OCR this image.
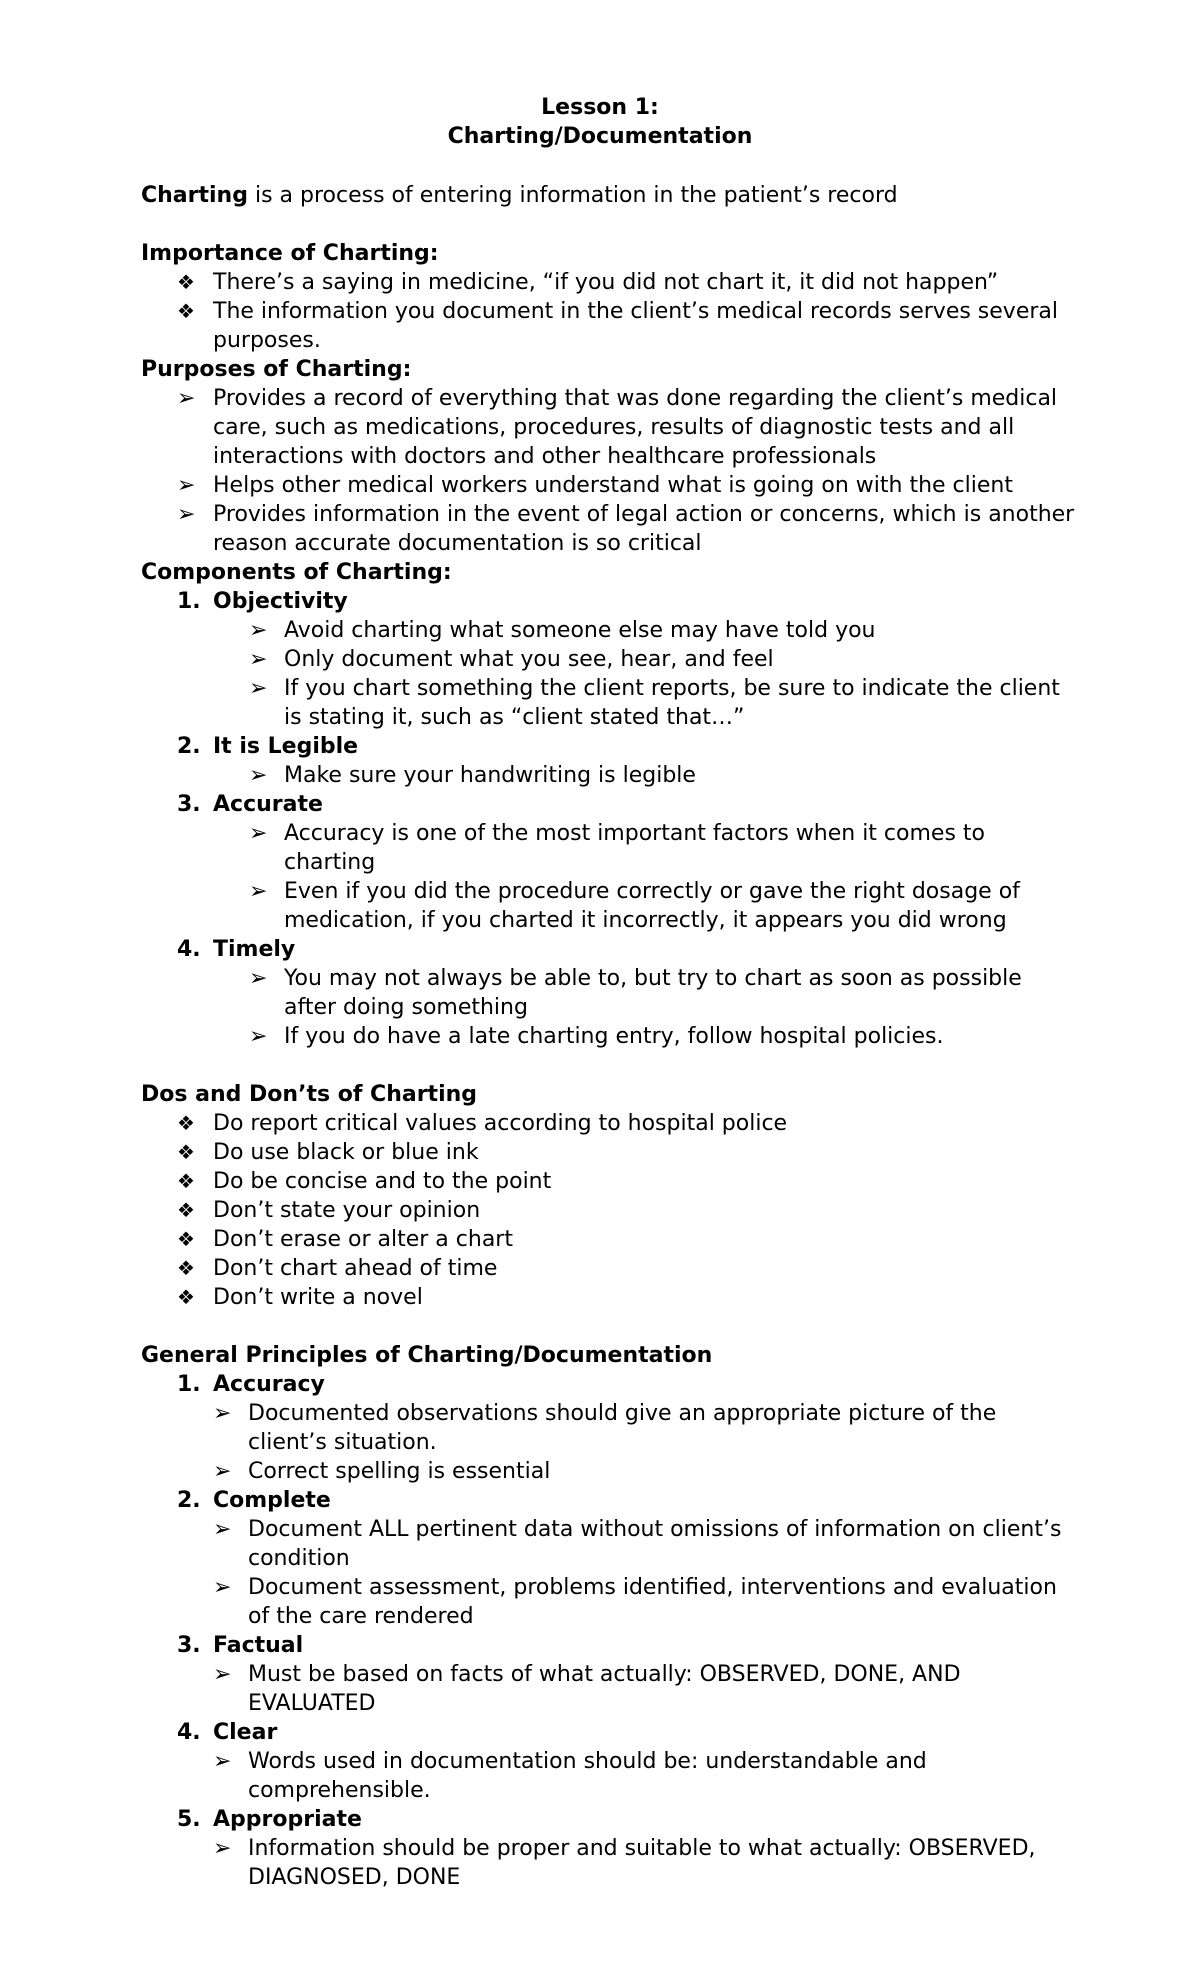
Lesson 1:
Charting/Documentation
Charting is a process of entering information in the patient’s record
Importance of Charting:
❖ There’s a saying in medicine, “if you did not chart it, it did not happen”
❖ The information you document in the client’s medical records serves several
purposes.
Purposes of Charting:
➢ Provides a record of everything that was done regarding the client’s medical
care, such as medications, procedures, results of diagnostic tests and all
interactions with doctors and other healthcare professionals
➢ Helps other medical workers understand what is going on with the client
➢ Provides information in the event of legal action or concerns, which is another
reason accurate documentation is so critical
Components of Charting:
1. Objectivity
➢ Avoid charting what someone else may have told you
➢ Only document what you see, hear, and feel
➢ If you chart something the client reports, be sure to indicate the client
is stating it, such as “client stated that…”
2. It is Legible
➢ Make sure your handwriting is legible
3. Accurate
➢ Accuracy is one of the most important factors when it comes to
charting
➢ Even if you did the procedure correctly or gave the right dosage of
medication, if you charted it incorrectly, it appears you did wrong
4. Timely
➢ You may not always be able to, but try to chart as soon as possible
after doing something
➢ If you do have a late charting entry, follow hospital policies.
Dos and Don’ts of Charting
❖ Do report critical values according to hospital police
❖ Do use black or blue ink
❖ Do be concise and to the point
❖ Don’t state your opinion
❖ Don’t erase or alter a chart
❖ Don’t chart ahead of time
❖ Don’t write a novel
General Principles of Charting/Documentation
1. Accuracy
➢ Documented observations should give an appropriate picture of the
client’s situation.
➢ Correct spelling is essential
2. Complete
➢ Document ALL pertinent data without omissions of information on client’s
condition
➢ Document assessment, problems identified, interventions and evaluation
of the care rendered
3. Factual
➢ Must be based on facts of what actually: OBSERVED, DONE, AND
EVALUATED
4. Clear
➢ Words used in documentation should be: understandable and
comprehensible.
5. Appropriate
➢ Information should be proper and suitable to what actually: OBSERVED,
DIAGNOSED, DONE
